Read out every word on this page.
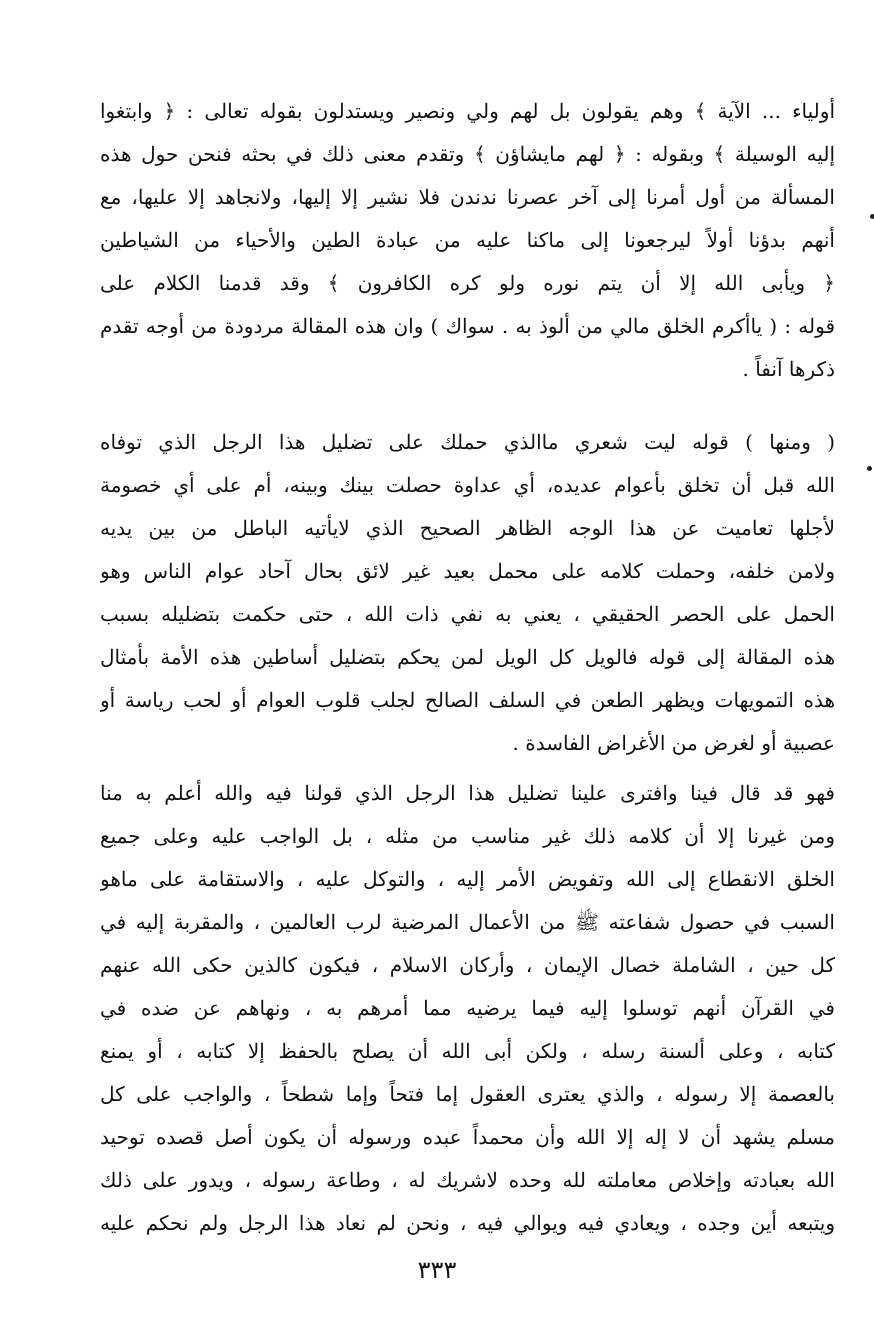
أولياء ... الآية ﴾ وهم يقولون بل لهم ولي ونصير ويستدلون بقوله تعالى : ﴿ وابتغوا
إليه الوسيلة ﴾ وبقوله : ﴿ لهم مايشاؤن ﴾ وتقدم معنى ذلك في بحثه فنحن حول هذه
المسألة من أول أمرنا إلى آخر عصرنا ندندن فلا نشير إلا إليها، ولانجاهد إلا عليها، مع
أنهم بدؤنا أولاً ليرجعونا إلى ماكنا عليه من عبادة الطين والأحياء من الشياطين
﴿ ويأبى الله إلا أن يتم نوره ولو كره الكافرون ﴾ وقد قدمنا الكلام على
قوله : ( ياأكرم الخلق مالي من ألوذ به . سواك ) وان هذه المقالة مردودة من أوجه تقدم
ذكرها آنفاً .
( ومنها ) قوله ليت شعري ماالذي حملك على تضليل هذا الرجل الذي توفاه
الله قبل أن تخلق بأعوام عديده، أي عداوة حصلت بينك وبينه، أم على أي خصومة
لأجلها تعاميت عن هذا الوجه الظاهر الصحيح الذي لايأتيه الباطل من بين يديه
ولامن خلفه، وحملت كلامه على محمل بعيد غير لائق بحال آحاد عوام الناس وهو
الحمل على الحصر الحقيقي ، يعني به نفي ذات الله ، حتى حكمت بتضليله بسبب
هذه المقالة إلى قوله فالويل كل الويل لمن يحكم بتضليل أساطين هذه الأمة بأمثال
هذه التمويهات ويظهر الطعن في السلف الصالح لجلب قلوب العوام أو لحب رياسة أو
عصبية أو لغرض من الأغراض الفاسدة .
فهو قد قال فينا وافترى علينا تضليل هذا الرجل الذي قولنا فيه والله أعلم به منا
ومن غيرنا إلا أن كلامه ذلك غير مناسب من مثله ، بل الواجب عليه وعلى جميع
الخلق الانقطاع إلى الله وتفويض الأمر إليه ، والتوكل عليه ، والاستقامة على ماهو
السبب في حصول شفاعته ﷺ من الأعمال المرضية لرب العالمين ، والمقربة إليه في
كل حين ، الشاملة خصال الإيمان ، وأركان الاسلام ، فيكون كالذين حكى الله عنهم
في القرآن أنهم توسلوا إليه فيما يرضيه مما أمرهم به ، ونهاهم عن ضده في
كتابه ، وعلى ألسنة رسله ، ولكن أبى الله أن يصلح بالحفظ إلا كتابه ، أو يمنع
بالعصمة إلا رسوله ، والذي يعترى العقول إما فتحاً وإما شطحاً ، والواجب على كل
مسلم يشهد أن لا إله إلا الله وأن محمداً عبده ورسوله أن يكون أصل قصده توحيد
الله بعبادته وإخلاص معاملته لله وحده لاشريك له ، وطاعة رسوله ، ويدور على ذلك
ويتبعه أين وجده ، ويعادي فيه ويوالي فيه ، ونحن لم نعاد هذا الرجل ولم نحكم عليه
٣٣٣
